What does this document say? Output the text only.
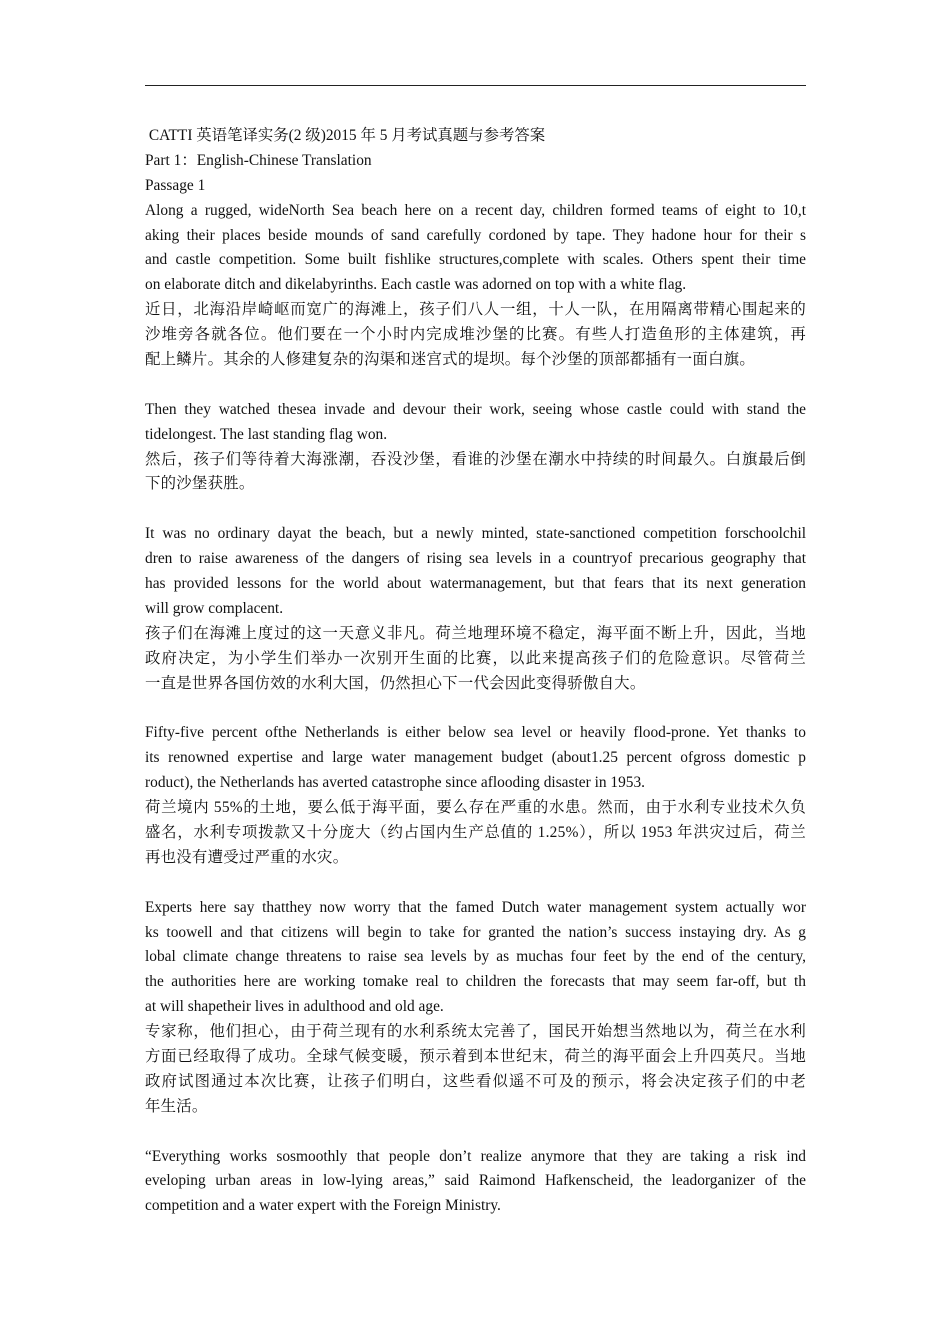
CATTI 英语笔译实务(2 级)2015 年 5 月考试真题与参考答案
Part 1：English-Chinese Translation
Passage 1
Along a rugged, wideNorth Sea beach here on a recent day, children formed teams of eight to 10,t
aking their places beside mounds of sand carefully cordoned by tape. They hadone hour for their s
and castle competition. Some built fishlike structures,complete with scales. Others spent their time
on elaborate ditch and dikelabyrinths. Each castle was adorned on top with a white flag.
近日，北海沿岸崎岖而宽广的海滩上，孩子们八人一组，十人一队，在用隔离带精心围起来的
沙堆旁各就各位。他们要在一个小时内完成堆沙堡的比赛。有些人打造鱼形的主体建筑，再
配上鳞片。其余的人修建复杂的沟渠和迷宫式的堤坝。每个沙堡的顶部都插有一面白旗。
Then they watched thesea invade and devour their work, seeing whose castle could with stand the
tidelongest. The last standing flag won.
然后，孩子们等待着大海涨潮，吞没沙堡，看谁的沙堡在潮水中持续的时间最久。白旗最后倒
下的沙堡获胜。
It was no ordinary dayat the beach, but a newly minted, state-sanctioned competition forschoolchil
dren to raise awareness of the dangers of rising sea levels in a countryof precarious geography that
has provided lessons for the world about watermanagement, but that fears that its next generation
will grow complacent.
孩子们在海滩上度过的这一天意义非凡。荷兰地理环境不稳定，海平面不断上升，因此，当地
政府决定，为小学生们举办一次别开生面的比赛，以此来提高孩子们的危险意识。尽管荷兰
一直是世界各国仿效的水利大国，仍然担心下一代会因此变得骄傲自大。
Fifty-five percent ofthe Netherlands is either below sea level or heavily flood-prone. Yet thanks to
its renowned expertise and large water management budget (about1.25 percent ofgross domestic p
roduct), the Netherlands has averted catastrophe since aflooding disaster in 1953.
荷兰境内 55%的土地，要么低于海平面，要么存在严重的水患。然而，由于水利专业技术久负
盛名，水利专项拨款又十分庞大（约占国内生产总值的 1.25%），所以 1953 年洪灾过后，荷兰
再也没有遭受过严重的水灾。
Experts here say thatthey now worry that the famed Dutch water management system actually wor
ks toowell and that citizens will begin to take for granted the nation’s success instaying dry. As g
lobal climate change threatens to raise sea levels by as muchas four feet by the end of the century,
the authorities here are working tomake real to children the forecasts that may seem far-off, but th
at will shapetheir lives in adulthood and old age.
专家称，他们担心，由于荷兰现有的水利系统太完善了，国民开始想当然地以为，荷兰在水利
方面已经取得了成功。全球气候变暖，预示着到本世纪末，荷兰的海平面会上升四英尺。当地
政府试图通过本次比赛，让孩子们明白，这些看似遥不可及的预示，将会决定孩子们的中老
年生活。
“Everything works sosmoothly that people don’t realize anymore that they are taking a risk ind
eveloping urban areas in low-lying areas,” said Raimond Hafkenscheid, the leadorganizer of the
competition and a water expert with the Foreign Ministry.
